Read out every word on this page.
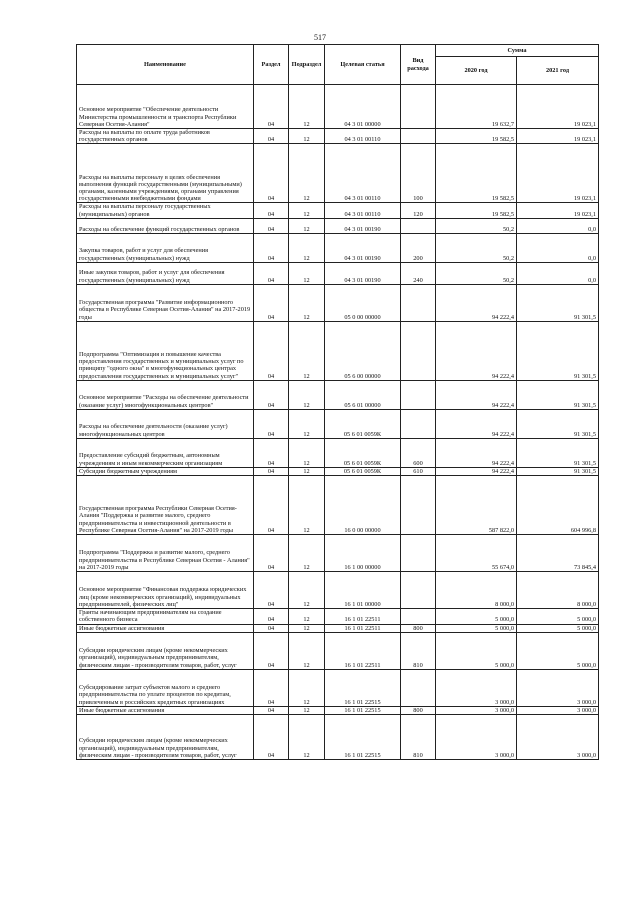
517
Наименование	Раздел	Подраздел	Целевая статья	Вид расхода	Сумма	
					2020 год	2021 год
Основное мероприятие "Обеспечение деятельности Министерства промышленности и транспорта Республики Северная Осетия-Алания"	04	12	04 3 01 00000		19 632,7	19 023,1
Расходы на выплаты по оплате труда работников государственных органов	04	12	04 3 01 00110		19 582,5	19 023,1
Расходы на выплаты персоналу в целях обеспечения выполнения функций государственными (муниципальными) органами, казенными учреждениями, органами управления государственными внебюджетными фондами	04	12	04 3 01 00110	100	19 582,5	19 023,1
Расходы на выплаты персоналу государственных (муниципальных) органов	04	12	04 3 01 00110	120	19 582,5	19 023,1
Расходы на обеспечение функций государственных органов	04	12	04 3 01 00190		50,2	0,0
Закупка товаров, работ и услуг для обеспечения государственных (муниципальных) нужд	04	12	04 3 01 00190	200	50,2	0,0
Иные закупки товаров, работ и услуг для обеспечения государственных (муниципальных) нужд	04	12	04 3 01 00190	240	50,2	0,0
Государственная программа "Развитие информационного общества в Республике Северная Осетия-Алания" на 2017-2019 годы	04	12	05 0 00 00000		94 222,4	91 301,5
Подпрограмма "Оптимизация и повышение качества предоставления государственных и муниципальных услуг по принципу "одного окна" в многофункциональных центрах предоставления государственных и муниципальных услуг"	04	12	05 6 00 00000		94 222,4	91 301,5
Основное мероприятие "Расходы на обеспечение деятельности (оказание услуг) многофункциональных центров"	04	12	05 6 01 00000		94 222,4	91 301,5
Расходы на обеспечение деятельности (оказание услуг) многофункциональных центров	04	12	05 6 01 0059К		94 222,4	91 301,5
Предоставление субсидий бюджетным, автономным учреждениям и иным некоммерческим организациям	04	12	05 6 01 0059К	600	94 222,4	91 301,5
Субсидии бюджетным учреждениям	04	12	05 6 01 0059К	610	94 222,4	91 301,5
Государственная программа Республики Северная Осетия-Алания "Поддержка и развитие малого, среднего предпринимательства и инвестиционной деятельности в Республике Северная Осетия-Алания" на 2017-2019 годы	04	12	16 0 00 00000		587 822,0	604 996,8
Подпрограмма "Поддержка и развитие малого, среднего предпринимательства в Республике Северная Осетия - Алания" на 2017-2019 годы	04	12	16 1 00 00000		55 674,0	73 845,4
Основное мероприятие "Финансовая поддержка юридических лиц (кроме некоммерческих организаций), индивидуальных предпринимателей, физических лиц"	04	12	16 1 01 00000		8 000,0	8 000,0
Гранты начинающим предпринимателям на создание собственного бизнеса	04	12	16 1 01 22511		5 000,0	5 000,0
Иные бюджетные ассигнования	04	12	16 1 01 22511	800	5 000,0	5 000,0
Субсидии юридическим лицам (кроме некоммерческих организаций), индивидуальным предпринимателям, физическим лицам - производителям товаров, работ, услуг	04	12	16 1 01 22511	810	5 000,0	5 000,0
Субсидирование затрат субъектов малого и среднего предпринимательства по уплате процентов по кредитам, привлеченным в российских кредитных организациях	04	12	16 1 01 22515		3 000,0	3 000,0
Иные бюджетные ассигнования	04	12	16 1 01 22515	800	3 000,0	3 000,0
Субсидии юридическим лицам (кроме некоммерческих организаций), индивидуальным предпринимателям, физическим лицам - производителям товаров, работ, услуг	04	12	16 1 01 22515	810	3 000,0	3 000,0
